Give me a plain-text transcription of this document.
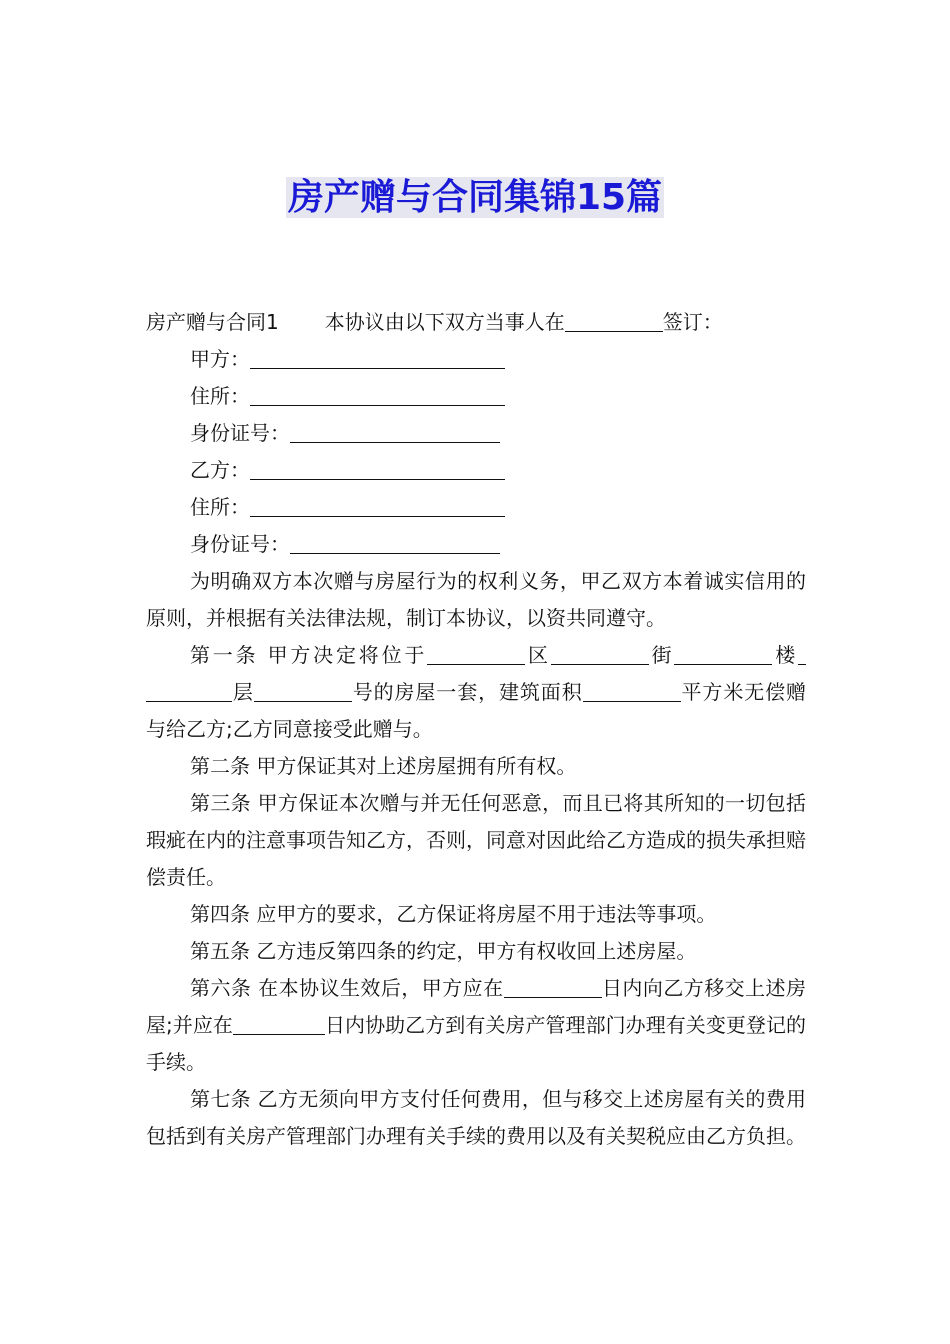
房产赠与合同集锦15篇
房产赠与合同1 本协议由以下双方当事人在	签订：
甲方：
住所：
身份证号：
乙方：
住所：
身份证号：
为明确双方本次赠与房屋行为的权利义务，甲乙双方本着诚实信用的原则，并根据有关法律法规，制订本协议，以资共同遵守。
第一条 甲方决定将位于	区	街	楼层	号的房屋一套，建筑面积	平方米无偿赠与给乙方;乙方同意接受此赠与。
第二条 甲方保证其对上述房屋拥有所有权。
第三条 甲方保证本次赠与并无任何恶意，而且已将其所知的一切包括瑕疵在内的注意事项告知乙方，否则，同意对因此给乙方造成的损失承担赔偿责任。
第四条 应甲方的要求，乙方保证将房屋不用于违法等事项。
第五条 乙方违反第四条的约定，甲方有权收回上述房屋。
第六条 在本协议生效后，甲方应在	日内向乙方移交上述房屋;并应在	日内协助乙方到有关房产管理部门办理有关变更登记的手续。
第七条 乙方无须向甲方支付任何费用，但与移交上述房屋有关的费用包括到有关房产管理部门办理有关手续的费用以及有关契税应由乙方负担。
